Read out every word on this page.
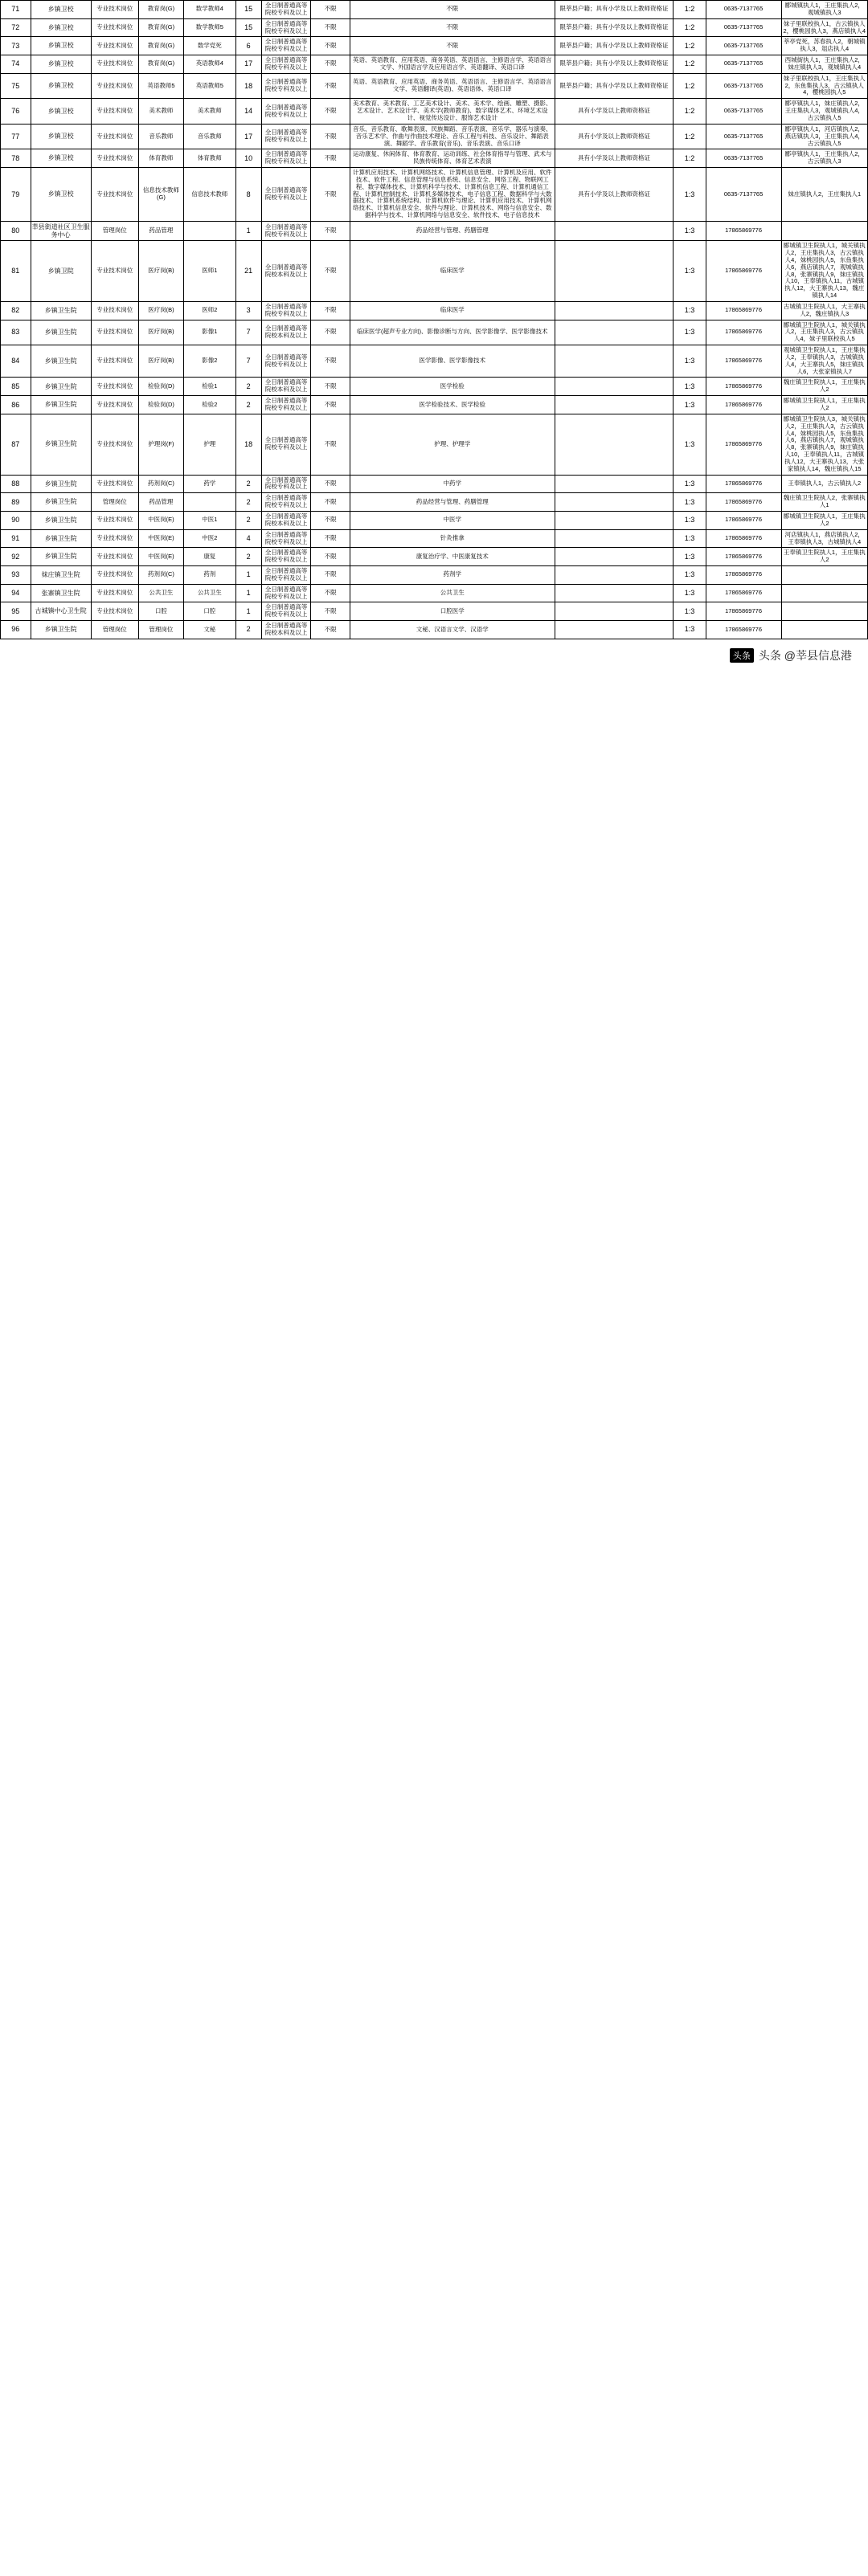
71	乡镇卫校	专业技术岗位	教育岗(G)	数学教师4	15	全日制普通高等院校专科及以上	不限	不限	限莘县户籍；具有小学及以上教师资格证	1:2	0635-7137765	郾城镇执人1，王庄集执人2，观城镇执人3
72	乡镇卫校	专业技术岗位	教育岗(G)	数学教师5	15	全日制普通高等院校专科及以上	不限	不限	限莘县户籍；具有小学及以上教师资格证	1:2	0635-7137765	妹子里联校执人1，古云镇执人2，樱桃园执人3，燕店镇执人4
73	乡镇卫校	专业技术岗位	教育岗(G)	数学党死	6	全日制普通高等院校专科及以上	不限	不限	限莘县户籍；具有小学及以上教师资格证	1:2	0635-7137765	莘亭党死，苏春执人2，朝城镇执人3，俎店执人4
74	乡镇卫校	专业技术岗位	教育岗(G)	英语教师4	17	全日制普通高等院校专科及以上	不限	英语、英语教育、应用英语、商务英语、英语语言、主修语言学、英语语言文学、外国语言学及应用语言学、英语翻译、英语口译	限莘县户籍；具有小学及以上教师资格证	1:2	0635-7137765	西城街执人1，王庄集执人2，妹庄镇执人3，观城镇执人4
75	乡镇卫校	专业技术岗位	英语教师5	英语教师5	18	全日制普通高等院校专科及以上	不限	英语、英语教育、应用英语、商务英语、英语语言、主修语言学、英语语言文学、英语翻译(英语)、英语语体、英语口译	限莘县户籍；具有小学及以上教师资格证	1:2	0635-7137765	妹子里联校执人1，王庄集执人2，东鱼集执人3，古云镇执人4，樱桃园执人5
76	乡镇卫校	专业技术岗位	美术教师	美术教师	14	全日制普通高等院校专科及以上	不限	美术教育、美术教育、工艺美术设计、美术、美术学、绘画、雕塑、摄影、艺术设计、艺术设计学、美术学(教师教育)、数字媒体艺术、环境艺术设计、视觉传达设计、服饰艺术设计	具有小学及以上教师资格证	1:2	0635-7137765	郾亭镇执人1，妹庄镇执人2，王庄集执人3，观城镇执人4，古云镇执人5
77	乡镇卫校	专业技术岗位	音乐教师	音乐教师	17	全日制普通高等院校专科及以上	不限	音乐、音乐教育、歌舞表演、民族舞蹈、音乐表演、音乐学、器乐与演奏、音乐艺术学、作曲与作曲技术理论、音乐工程与科技、音乐设计、舞蹈表演、舞蹈学、音乐教育(音乐)、音乐表演、音乐口译	具有小学及以上教师资格证	1:2	0635-7137765	郾亭镇执人1，河店镇执人2，燕店镇执人3，王庄集执人4，古云镇执人5
78	乡镇卫校	专业技术岗位	体育教师	体育教师	10	全日制普通高等院校专科及以上	不限	运动康复、休闲体育、体育教育、运动训练、社会体育指导与管理、武术与民族传统体育、体育艺术表演	具有小学及以上教师资格证	1:2	0635-7137765	郾亭镇执人1，王庄集执人2，古云镇执人3
79	乡镇卫校	专业技术岗位	信息技术教师(G)	信息技术教师	8	全日制普通高等院校专科及以上	不限	计算机应用技术、计算机网络技术、计算机信息管理、计算机及应用、软件技术、软件工程、信息管理与信息系统、信息安全、网络工程、物联网工程、数字媒体技术、计算机科学与技术、计算机信息工程、计算机通信工程、计算机控制技术、计算机多媒体技术、电子信息工程、数据科学与大数据技术、计算机系统结构、计算机软件与理论、计算机应用技术、计算机网络技术、计算机信息安全、软件与理论、计算机技术、网络与信息安全、数据科学与技术、计算机网络与信息安全、软件技术、电子信息技术	具有小学及以上教师资格证	1:3	0635-7137765	妹庄镇执人2，王庄集执人1
80	莘县街道社区卫生服务中心	管理岗位	药品管理		1	全日制普通高等院校专科及以上	不限	药品经营与管理、药膳管理		1:3	17865869776	
81	乡镇卫院	专业技术岗位	医疗岗(B)	医师1	21	全日制普通高等院校本科及以上	不限	临床医学		1:3	17865869776	郾城镇卫生院执人1，城关镇执人2，王庄集执人3，古云镇执人4，妹桃园执人5，东鱼集执人6，燕店镇执人7，观城镇执人8，张寨镇执人9，妹庄镇执人10，王奉镇执人11，古城镇执人12，大王寨执人13，魏庄镇执人14
82	乡镇卫生院	专业技术岗位	医疗岗(B)	医师2	3	全日制普通高等院校专科及以上	不限	临床医学		1:3	17865869776	古城镇卫生院执人1，大王寨执人2，魏庄镇执人3
83	乡镇卫生院	专业技术岗位	医疗岗(B)	影像1	7	全日制普通高等院校本科及以上	不限	临床医学(超声专业方向)、影像诊断与方向、医学影像学、医学影像技术		1:3	17865869776	郾城镇卫生院执人1，城关镇执人2，王庄集执人3，古云镇执人4，妹子里联校执人5
84	乡镇卫生院	专业技术岗位	医疗岗(B)	影像2	7	全日制普通高等院校专科及以上	不限	医学影像、医学影像技术		1:3	17865869776	观城镇卫生院执人1，王庄集执人2，王奉镇执人3，古城镇执人4，大王寨执人5，妹庄镇执人6，大张家镇执人7
85	乡镇卫生院	专业技术岗位	检验岗(D)	检验1	2	全日制普通高等院校本科及以上	不限	医学检验		1:3	17865869776	魏庄镇卫生院执人1，王庄集执人2
86	乡镇卫生院	专业技术岗位	检验岗(D)	检验2	2	全日制普通高等院校专科及以上	不限	医学检验技术、医学检验		1:3	17865869776	郾城镇卫生院执人1，王庄集执人2
87	乡镇卫生院	专业技术岗位	护理岗(F)	护理	18	全日制普通高等院校专科及以上	不限	护理、护理学		1:3	17865869776	郾城镇卫生院执人3，城关镇执人2，王庄集执人3，古云镇执人4，妹桃园执人5，东鱼集执人6，燕店镇执人7，观城镇执人8，张寨镇执人9，妹庄镇执人10，王奉镇执人11，古城镇执人12，大王寨执人13，大张家镇执人14，魏庄镇执人15
88	乡镇卫生院	专业技术岗位	药剂岗(C)	药学	2	全日制普通高等院校专科及以上	不限	中药学		1:3	17865869776	王奉镇执人1，古云镇执人2
89	乡镇卫生院	管理岗位	药品管理		2	全日制普通高等院校专科及以上	不限	药品经营与管理、药膳管理		1:3	17865869776	魏庄镇卫生院执人2，张寨镇执人1
90	乡镇卫生院	专业技术岗位	中医岗(E)	中医1	2	全日制普通高等院校本科及以上	不限	中医学		1:3	17865869776	郾城镇卫生院执人1，王庄集执人2
91	乡镇卫生院	专业技术岗位	中医岗(E)	中医2	4	全日制普通高等院校专科及以上	不限	针灸推拿		1:3	17865869776	河店镇执人1，燕店镇执人2，王奉镇执人3，古城镇执人4
92	乡镇卫生院	专业技术岗位	中医岗(E)	康复	2	全日制普通高等院校专科及以上	不限	康复治疗学、中医康复技术		1:3	17865869776	王奉镇卫生院执人1，王庄集执人2
93	妹庄镇卫生院	专业技术岗位	药剂岗(C)	药剂	1	全日制普通高等院校专科及以上	不限	药剂学		1:3	17865869776	
94	张寨镇卫生院	专业技术岗位	公共卫生	公共卫生	1	全日制普通高等院校专科及以上	不限	公共卫生		1:3	17865869776	
95	古城镇中心卫生院	专业技术岗位	口腔	口腔	1	全日制普通高等院校专科及以上	不限	口腔医学		1:3	17865869776	
96	乡镇卫生院	管理岗位	管理岗位	文秘	2	全日制普通高等院校本科及以上	不限	文秘、汉语言文学、汉语学		1:3	17865869776	
头条 头条 @莘县信息港
